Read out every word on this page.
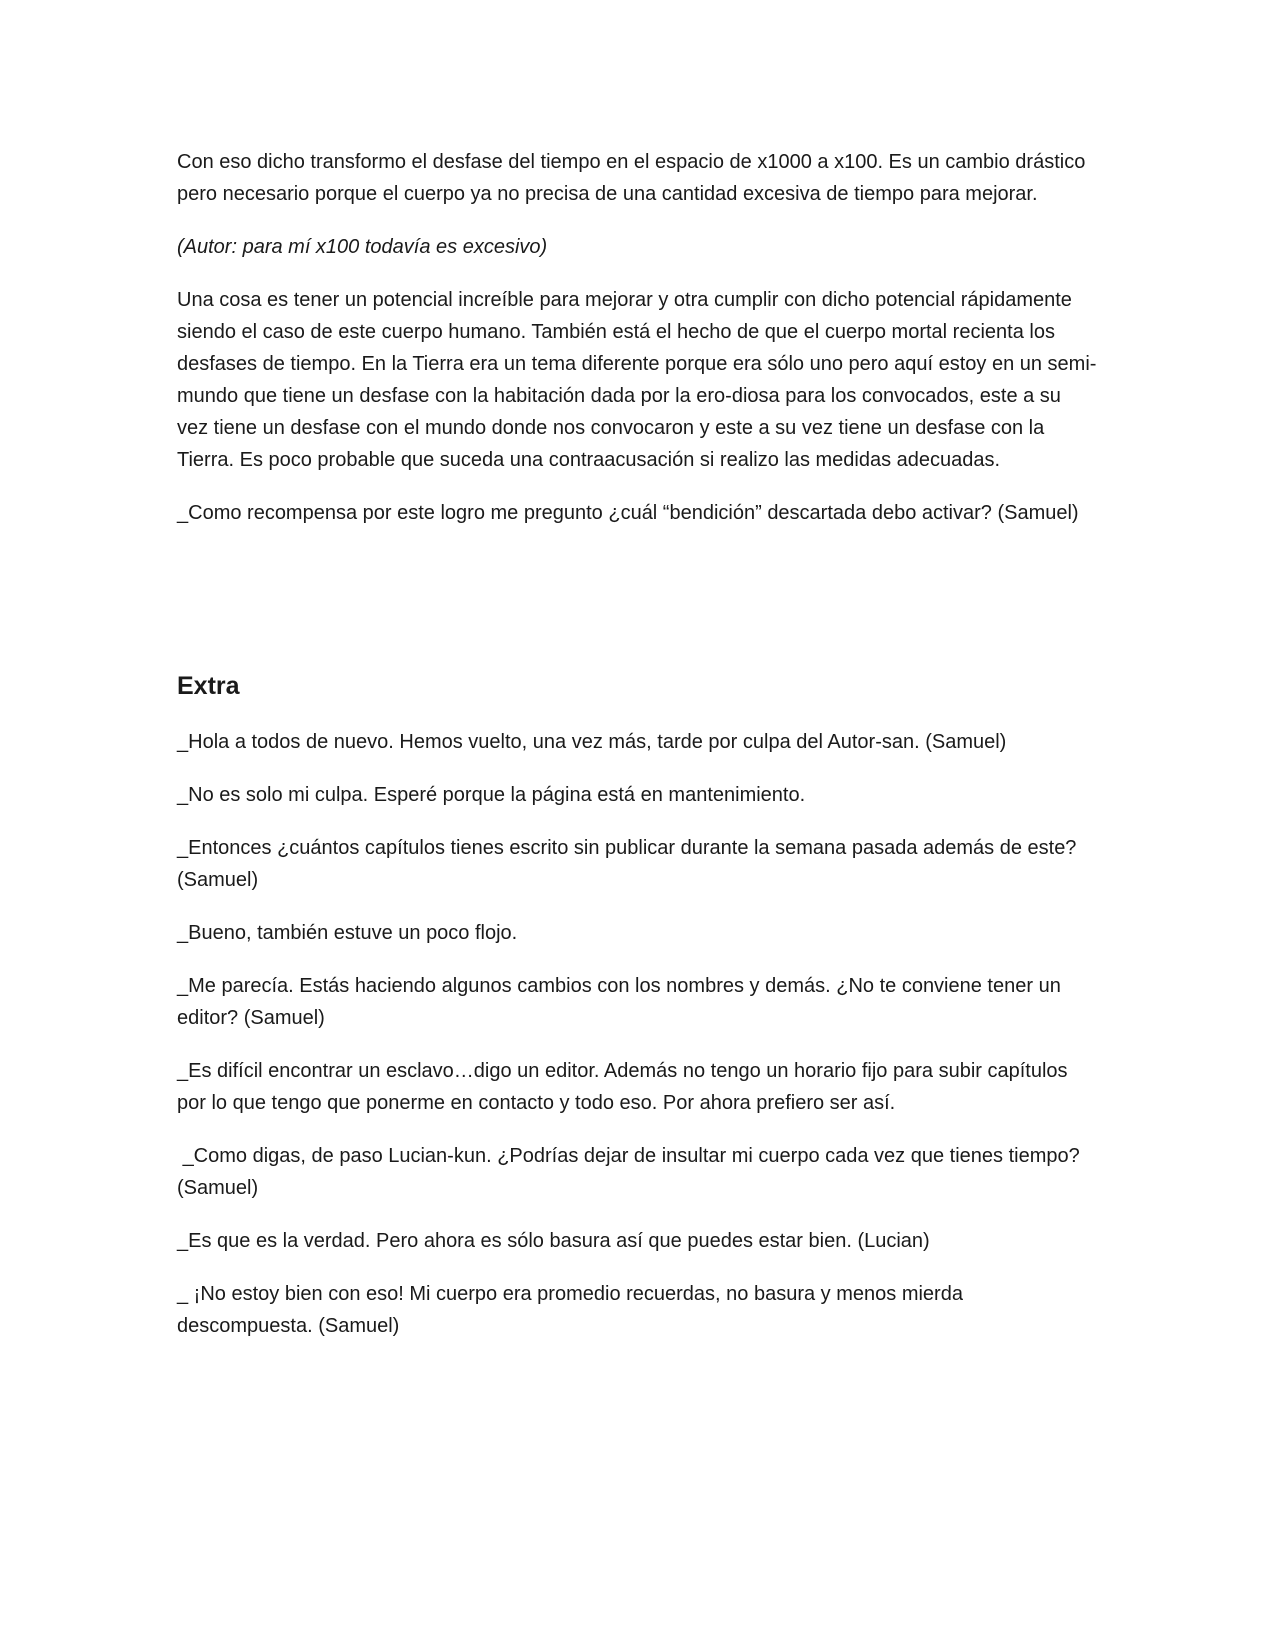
Con eso dicho transformo el desfase del tiempo en el espacio de x1000 a x100. Es un cambio drástico pero necesario porque el cuerpo ya no precisa de una cantidad excesiva de tiempo para mejorar.

(Autor: para mí x100 todavía es excesivo)

Una cosa es tener un potencial increíble para mejorar y otra cumplir con dicho potencial rápidamente siendo el caso de este cuerpo humano. También está el hecho de que el cuerpo mortal recienta los desfases de tiempo. En la Tierra era un tema diferente porque era sólo uno pero aquí estoy en un semi-mundo que tiene un desfase con la habitación dada por la ero-diosa para los convocados, este a su vez tiene un desfase con el mundo donde nos convocaron y este a su vez tiene un desfase con la Tierra. Es poco probable que suceda una contraacusación si realizo las medidas adecuadas.

_Como recompensa por este logro me pregunto ¿cuál “bendición” descartada debo activar? (Samuel)

Extra

_Hola a todos de nuevo. Hemos vuelto, una vez más, tarde por culpa del Autor-san. (Samuel)

_No es solo mi culpa. Esperé porque la página está en mantenimiento.

_Entonces ¿cuántos capítulos tienes escrito sin publicar durante la semana pasada además de este? (Samuel)

_Bueno, también estuve un poco flojo.

_Me parecía. Estás haciendo algunos cambios con los nombres y demás. ¿No te conviene tener un editor? (Samuel)

_Es difícil encontrar un esclavo…digo un editor. Además no tengo un horario fijo para subir capítulos por lo que tengo que ponerme en contacto y todo eso. Por ahora prefiero ser así.

_Como digas, de paso Lucian-kun. ¿Podrías dejar de insultar mi cuerpo cada vez que tienes tiempo? (Samuel)

_Es que es la verdad. Pero ahora es sólo basura así que puedes estar bien. (Lucian)

_ ¡No estoy bien con eso! Mi cuerpo era promedio recuerdas, no basura y menos mierda descompuesta. (Samuel)
